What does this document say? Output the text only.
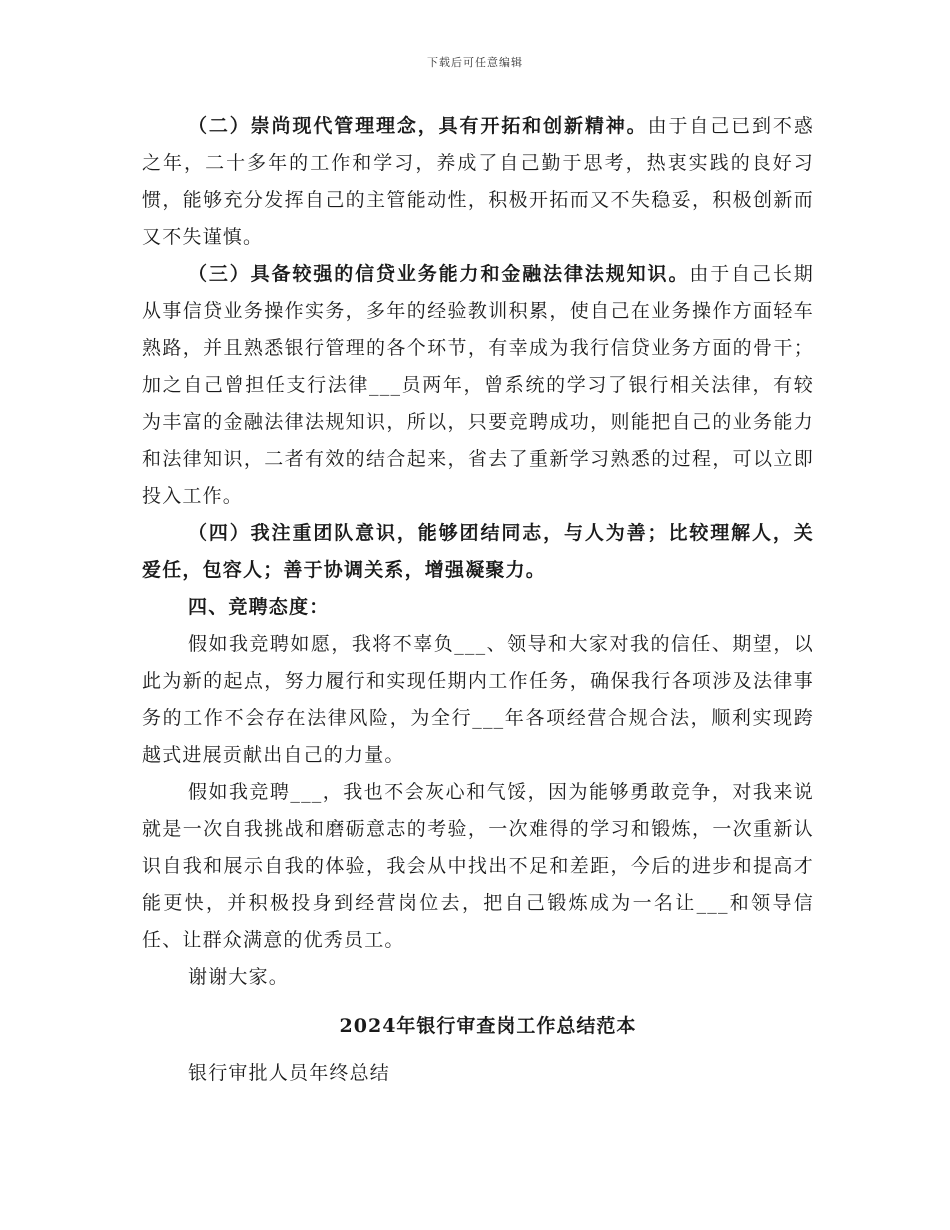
下载后可任意编辑

（二）崇尚现代管理理念，具有开拓和创新精神。由于自己已到不惑之年，二十多年的工作和学习，养成了自己勤于思考，热衷实践的良好习惯，能够充分发挥自己的主管能动性，积极开拓而又不失稳妥，积极创新而又不失谨慎。

（三）具备较强的信贷业务能力和金融法律法规知识。由于自己长期从事信贷业务操作实务，多年的经验教训积累，使自己在业务操作方面轻车熟路，并且熟悉银行管理的各个环节，有幸成为我行信贷业务方面的骨干；加之自己曾担任支行法律___员两年，曾系统的学习了银行相关法律，有较为丰富的金融法律法规知识，所以，只要竞聘成功，则能把自己的业务能力和法律知识，二者有效的结合起来，省去了重新学习熟悉的过程，可以立即投入工作。

（四）我注重团队意识，能够团结同志，与人为善；比较理解人，关爱任，包容人；善于协调关系，增强凝聚力。

四、竞聘态度：

假如我竞聘如愿，我将不辜负___、领导和大家对我的信任、期望，以此为新的起点，努力履行和实现任期内工作任务，确保我行各项涉及法律事务的工作不会存在法律风险，为全行___年各项经营合规合法，顺利实现跨越式进展贡献出自己的力量。

假如我竞聘___，我也不会灰心和气馁，因为能够勇敢竞争，对我来说就是一次自我挑战和磨砺意志的考验，一次难得的学习和锻炼，一次重新认识自我和展示自我的体验，我会从中找出不足和差距，今后的进步和提高才能更快，并积极投身到经营岗位去，把自己锻炼成为一名让___和领导信任、让群众满意的优秀员工。

谢谢大家。

2024年银行审查岗工作总结范本

银行审批人员年终总结
